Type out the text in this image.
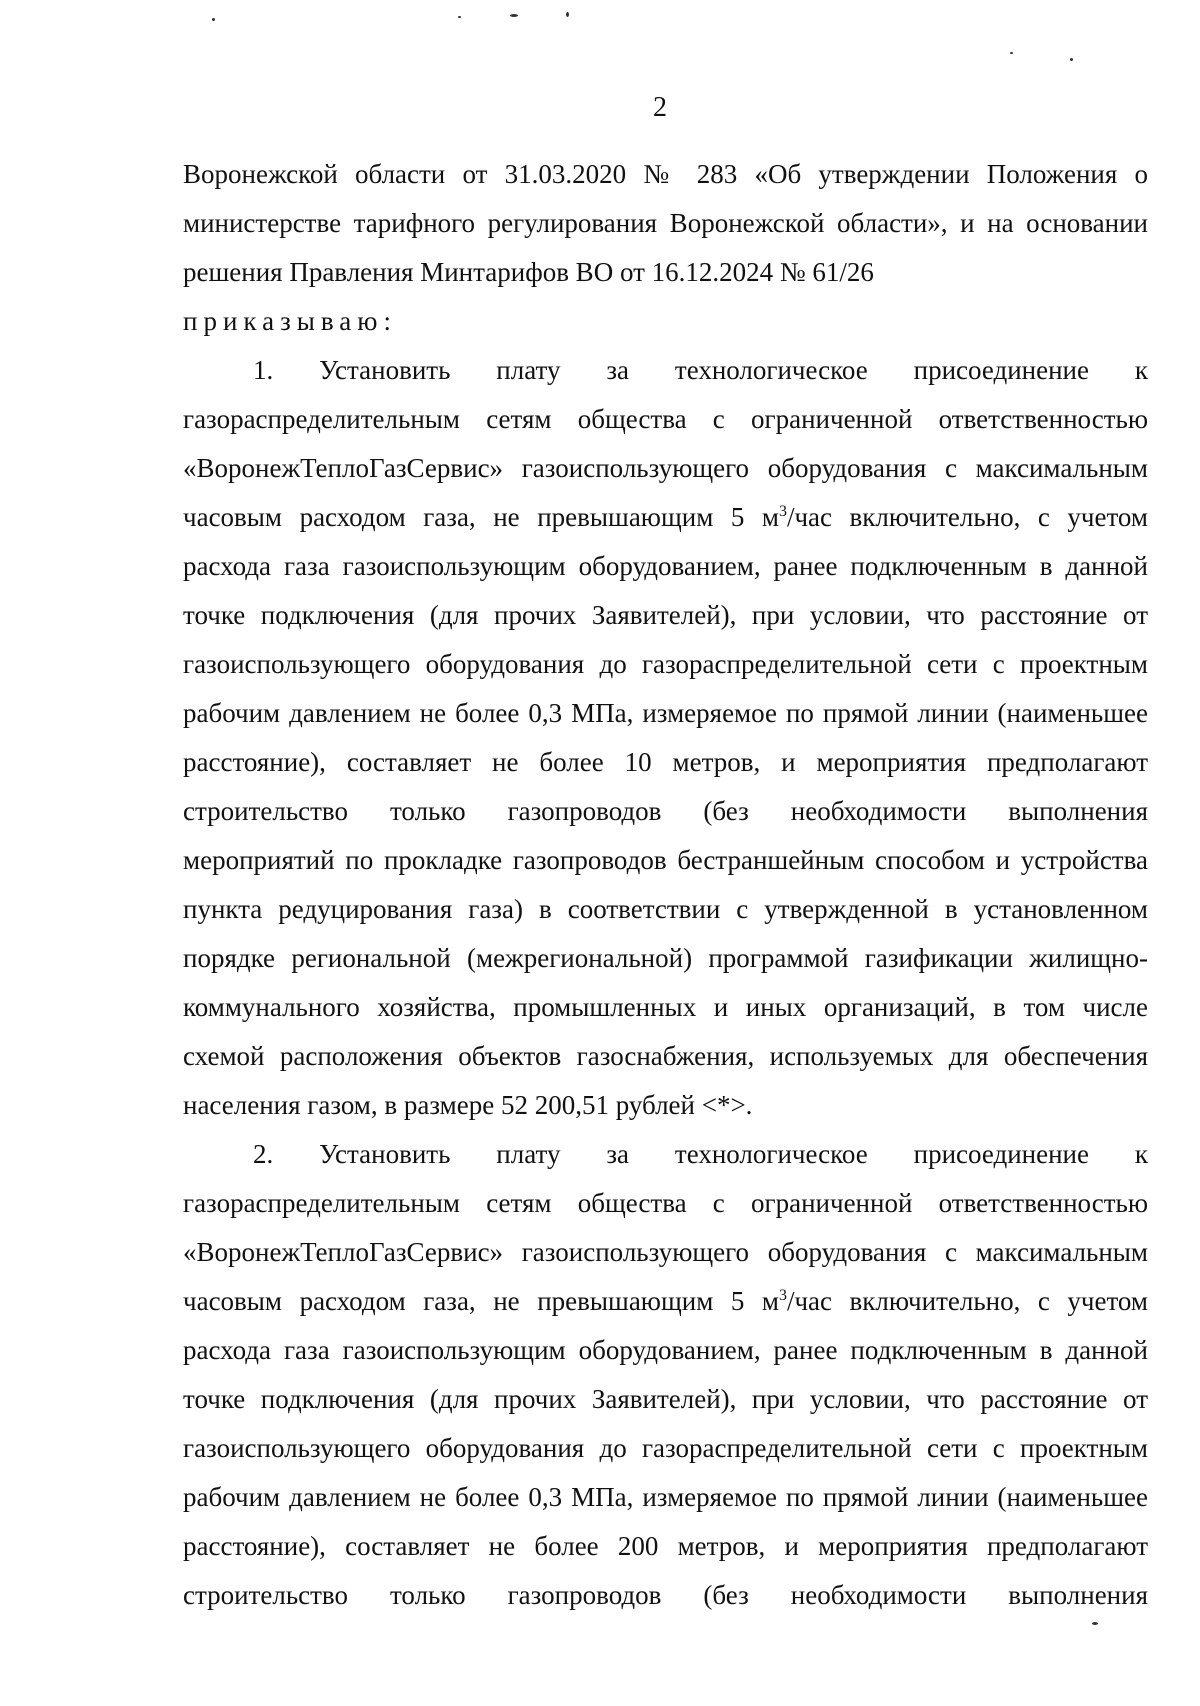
2
Воронежской области от 31.03.2020 № 283 «Об утверждении Положения о
министерстве тарифного регулирования Воронежской области», и на основании
решения Правления Минтарифов ВО от 16.12.2024 № 61/26
приказываю:
1. Установить плату за технологическое присоединение к
газораспределительным сетям общества с ограниченной ответственностью
«ВоронежТеплоГазСервис» газоиспользующего оборудования с максимальным
часовым расходом газа, не превышающим 5 $м^3$/час включительно, с учетом
расхода газа газоиспользующим оборудованием, ранее подключенным в данной
точке подключения (для прочих Заявителей), при условии, что расстояние от
газоиспользующего оборудования до газораспределительной сети с проектным
рабочим давлением не более 0,3 МПа, измеряемое по прямой линии (наименьшее
расстояние), составляет не более 10 метров, и мероприятия предполагают
строительство только газопроводов (без необходимости выполнения
мероприятий по прокладке газопроводов бестраншейным способом и устройства
пункта редуцирования газа) в соответствии с утвержденной в установленном
порядке региональной (межрегиональной) программой газификации жилищно-
коммунального хозяйства, промышленных и иных организаций, в том числе
схемой расположения объектов газоснабжения, используемых для обеспечения
населения газом, в размере 52 200,51 рублей <*>.
2. Установить плату за технологическое присоединение к
газораспределительным сетям общества с ограниченной ответственностью
«ВоронежТеплоГазСервис» газоиспользующего оборудования с максимальным
часовым расходом газа, не превышающим 5 $м^3$/час включительно, с учетом
расхода газа газоиспользующим оборудованием, ранее подключенным в данной
точке подключения (для прочих Заявителей), при условии, что расстояние от
газоиспользующего оборудования до газораспределительной сети с проектным
рабочим давлением не более 0,3 МПа, измеряемое по прямой линии (наименьшее
расстояние), составляет не более 200 метров, и мероприятия предполагают
строительство только газопроводов (без необходимости выполнения
